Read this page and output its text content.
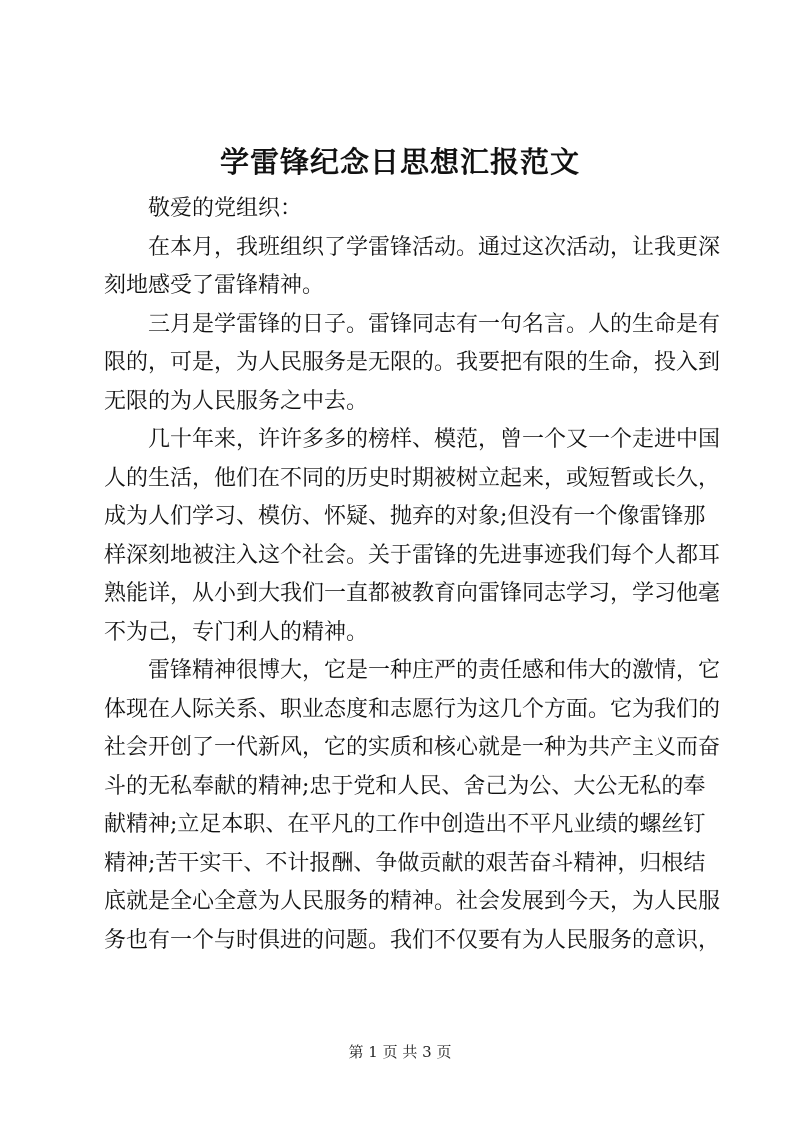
学雷锋纪念日思想汇报范文

敬爱的党组织：

在本月，我班组织了学雷锋活动。通过这次活动，让我更深
刻地感受了雷锋精神。
三月是学雷锋的日子。雷锋同志有一句名言。人的生命是有
限的，可是，为人民服务是无限的。我要把有限的生命，投入到
无限的为人民服务之中去。
几十年来，许许多多的榜样、模范，曾一个又一个走进中国
人的生活，他们在不同的历史时期被树立起来，或短暂或长久，
成为人们学习、模仿、怀疑、抛弃的对象;但没有一个像雷锋那
样深刻地被注入这个社会。关于雷锋的先进事迹我们每个人都耳
熟能详，从小到大我们一直都被教育向雷锋同志学习，学习他毫
不为己，专门利人的精神。
雷锋精神很博大，它是一种庄严的责任感和伟大的激情，它
体现在人际关系、职业态度和志愿行为这几个方面。它为我们的
社会开创了一代新风，它的实质和核心就是一种为共产主义而奋
斗的无私奉献的精神;忠于党和人民、舍己为公、大公无私的奉
献精神;立足本职、在平凡的工作中创造出不平凡业绩的螺丝钉
精神;苦干实干、不计报酬、争做贡献的艰苦奋斗精神，归根结
底就是全心全意为人民服务的精神。社会发展到今天，为人民服
务也有一个与时俱进的问题。我们不仅要有为人民服务的意识，
第 1 页 共 3 页
